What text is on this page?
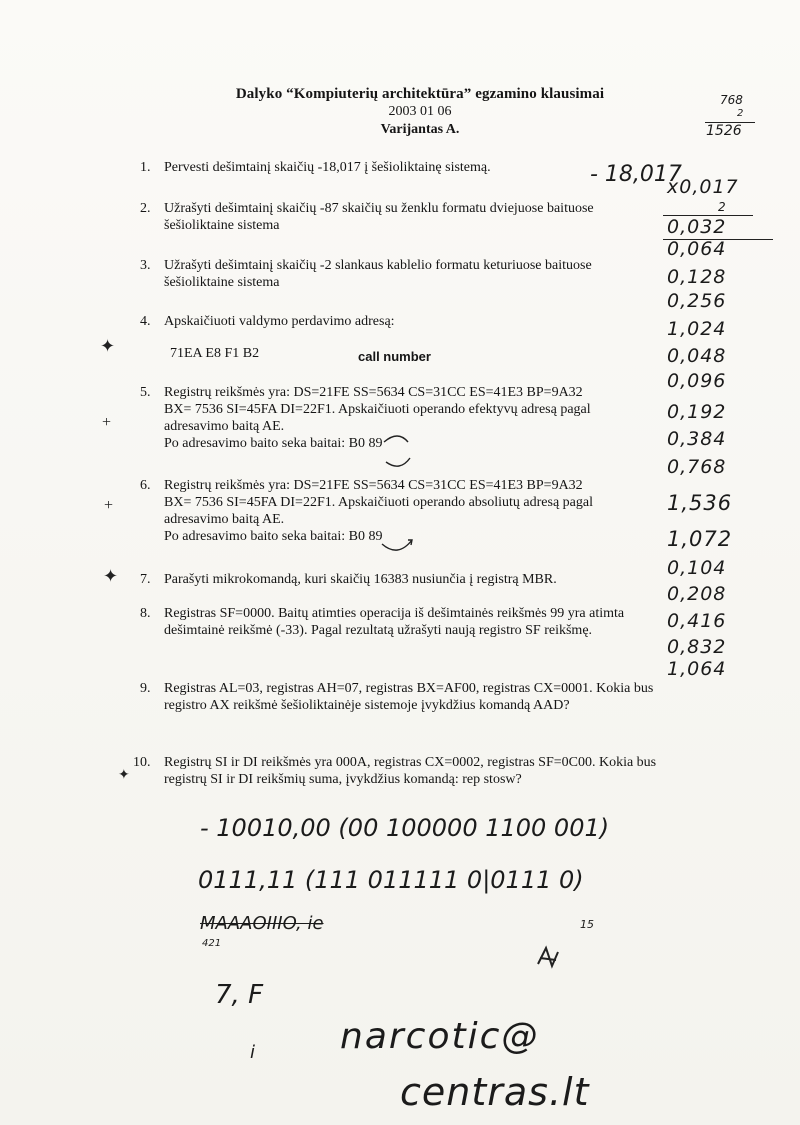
Dalyko “Kompiuterių architektūra” egzamino klausimai
2003 01 06
Varijantas A.
1. Pervesti dešimtainį skaičių -18,017 į šešioliktainę sistemą.
2. Užrašyti dešimtainį skaičių -87 skaičių su ženklu formatu dviejuose baituose šešioliktaine sistema
3. Užrašyti dešimtainį skaičių -2 slankaus kablelio formatu keturiuose baituose šešioliktaine sistema
4. Apskaičiuoti valdymo perdavimo adresą:
71EA E8 F1 B2	call number
5. Registrų reikšmės yra: DS=21FE SS=5634 CS=31CC ES=41E3 BP=9A32
BX= 7536 SI=45FA DI=22F1. Apskaičiuoti operando efektyvų adresą pagal
adresavimo baitą AE.
Po adresavimo baito seka baitai: B0 89
6. Registrų reikšmės yra: DS=21FE SS=5634 CS=31CC ES=41E3 BP=9A32
BX= 7536 SI=45FA DI=22F1. Apskaičiuoti operando absoliutų adresą pagal
adresavimo baitą AE.
Po adresavimo baito seka baitai: B0 89
7. Parašyti mikrokomandą, kuri skaičių 16383 nusiunčia į registrą MBR.
8. Registras SF=0000. Baitų atimties operacija iš dešimtainės reikšmės 99 yra atimta dešimtainė reikšmė (-33). Pagal rezultatą užrašyti naują registro SF reikšmę.
9. Registras AL=03, registras AH=07, registras BX=AF00, registras CX=0001. Kokia bus registro AX reikšmė šešioliktainėje sistemoje įvykdžius komandą AAD?
10. Registrų SI ir DI reikšmės yra 000A, registras CX=0002, registras SF=0C00. Kokia bus registrų SI ir DI reikšmių suma, įvykdžius komandą: rep stosw?
768
2
1526
- 18,017
x0,017
2
0,032
0,064
0,128
0,256
1,024
0,048
0,096
0,192
0,384
0,768
1,536
1,072
0,104
0,208
0,416
0,832
1,064
✦
+
+
✦
✦
- 10010,00 (00 100000 1100 001)
0111,11 (111 011111 0|0111 0)
15
MAAAOIIIO, ie
421
7, F
i narcotic@
centras.lt
